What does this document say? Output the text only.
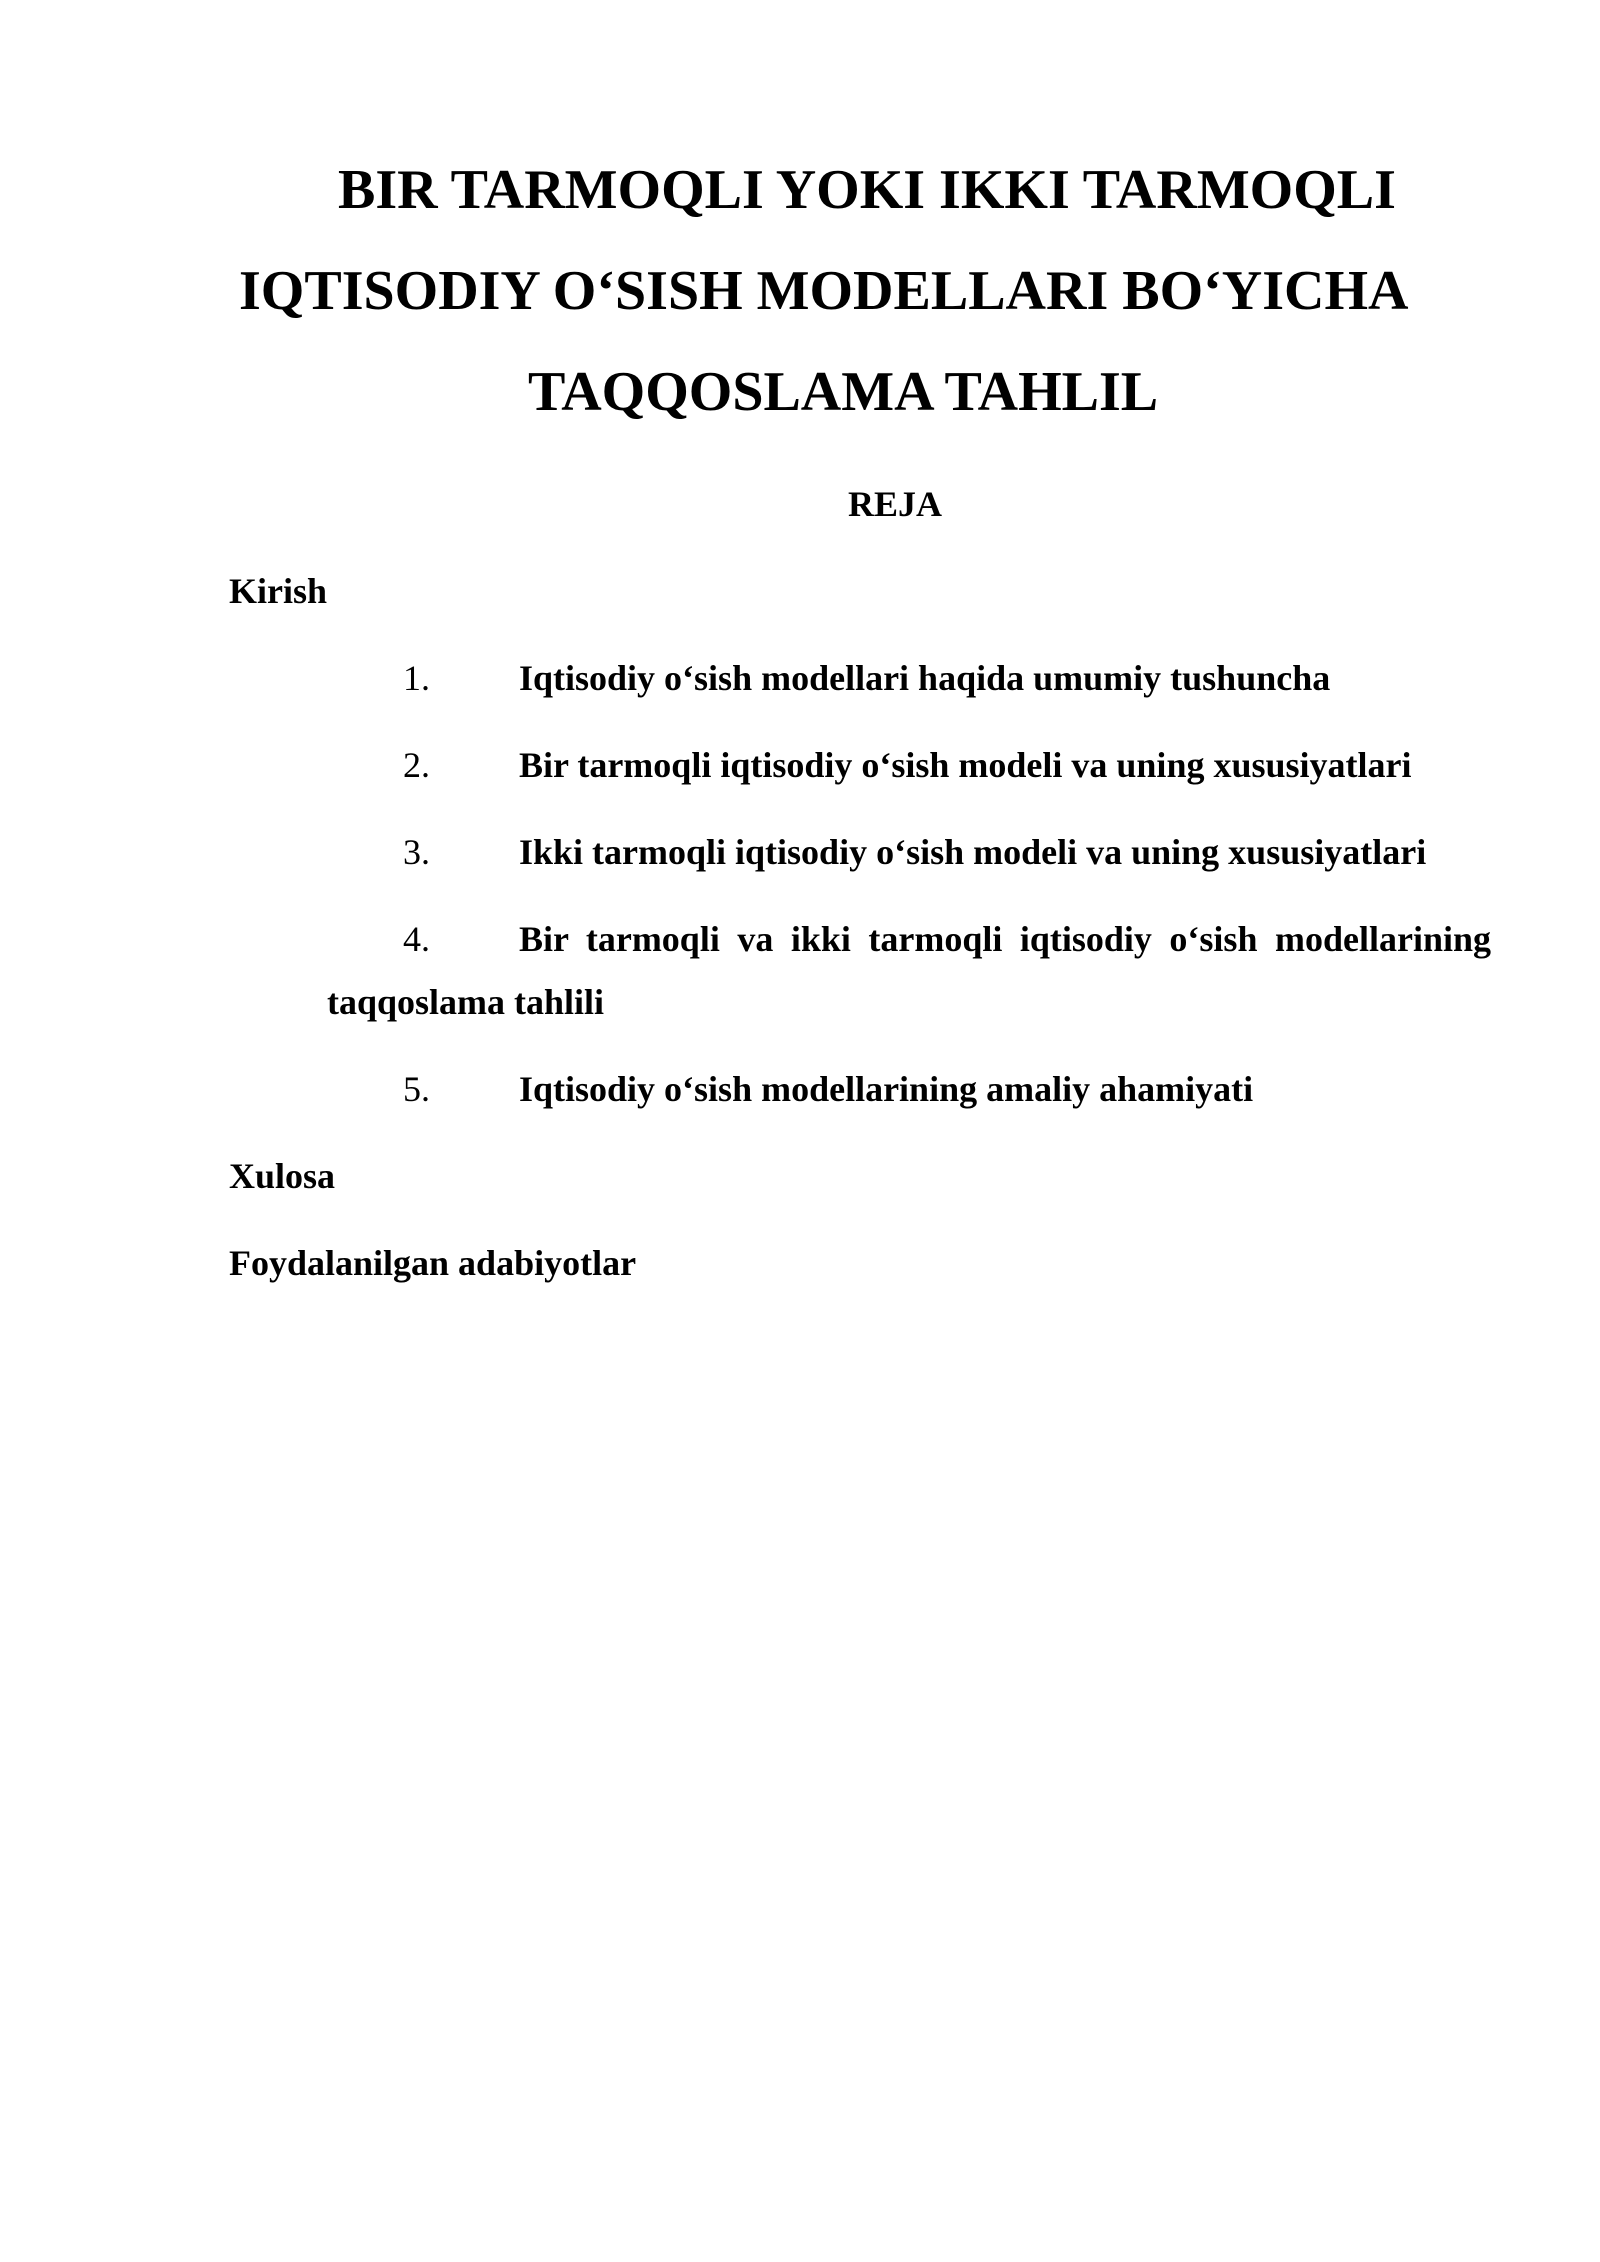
BIR TARMOQLI YOKI IKKI TARMOQLI
IQTISODIY O‘SISH MODELLARI BO‘YICHA
TAQQOSLAMA TAHLIL
REJA
Kirish
1. Iqtisodiy o‘sish modellari haqida umumiy tushuncha
2. Bir tarmoqli iqtisodiy o‘sish modeli va uning xususiyatlari
3. Ikki tarmoqli iqtisodiy o‘sish modeli va uning xususiyatlari
4. Bir tarmoqli va ikki tarmoqli iqtisodiy o‘sish modellarining
taqqoslama tahlili
5. Iqtisodiy o‘sish modellarining amaliy ahamiyati
Xulosa
Foydalanilgan adabiyotlar
